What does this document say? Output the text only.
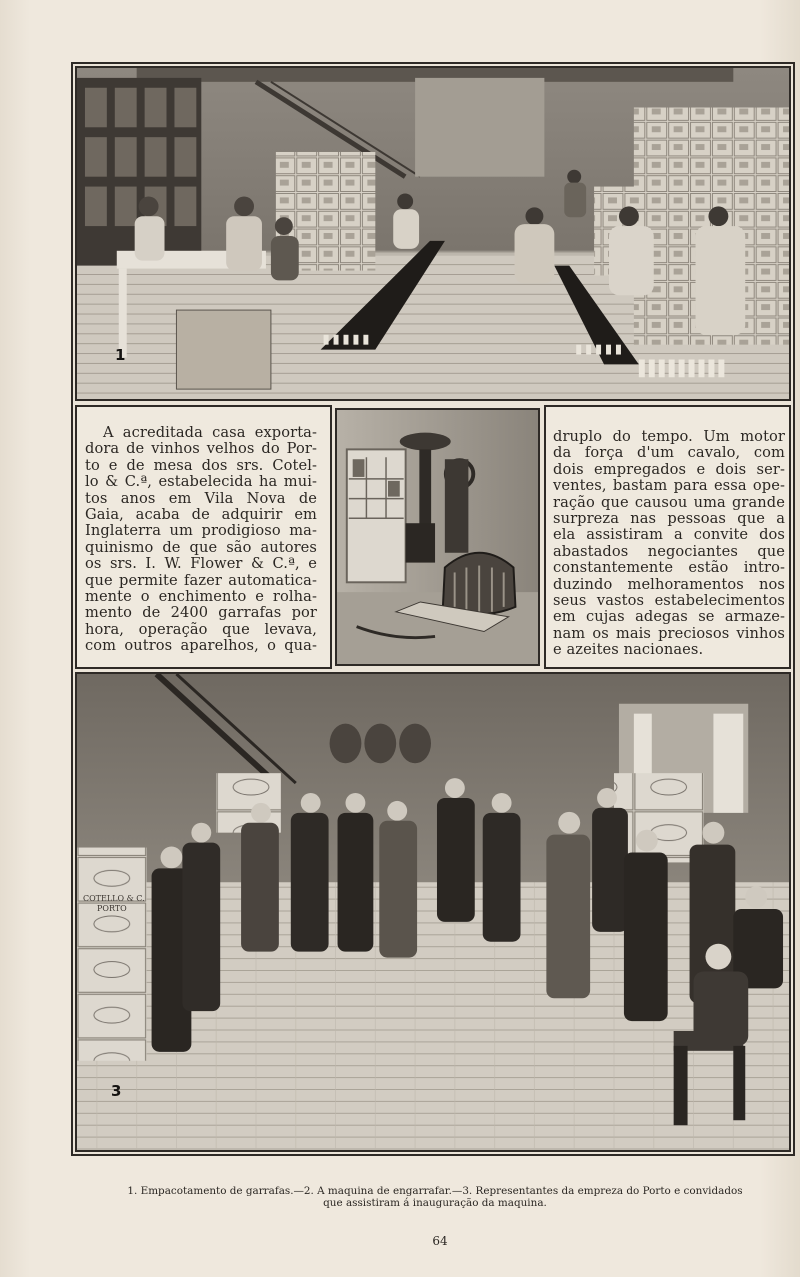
1
A acreditada casa exporta-
dora de vinhos velhos do Por-
to e de mesa dos srs. Cotel-
lo & C.ª, estabelecida ha mui-
tos anos em Vila Nova de
Gaia, acaba de adquirir em
Inglaterra um prodigioso ma-
quinismo de que são autores
os srs. I. W. Flower & C.ª, e
que permite fazer automatica-
mente o enchimento e rolha-
mento de 2400 garrafas por
hora, operação que levava,
com outros aparelhos, o qua-
druplo do tempo. Um motor
da força d'um cavalo, com
dois empregados e dois ser-
ventes, bastam para essa ope-
ração que causou uma grande
surpreza nas pessoas que a
ela assistiram a convite dos
abastados negociantes que
constantemente estão intro-
duzindo melhoramentos nos
seus vastos estabelecimentos
em cujas adegas se armaze-
nam os mais preciosos vinhos
e azeites nacionaes.
3
COTELLO & C.
PORTO
1. Empacotamento de garrafas.—2. A maquina de engarrafar.—3. Representantes da empreza do Porto e convidados
que assistiram á inauguração da maquina.
64
